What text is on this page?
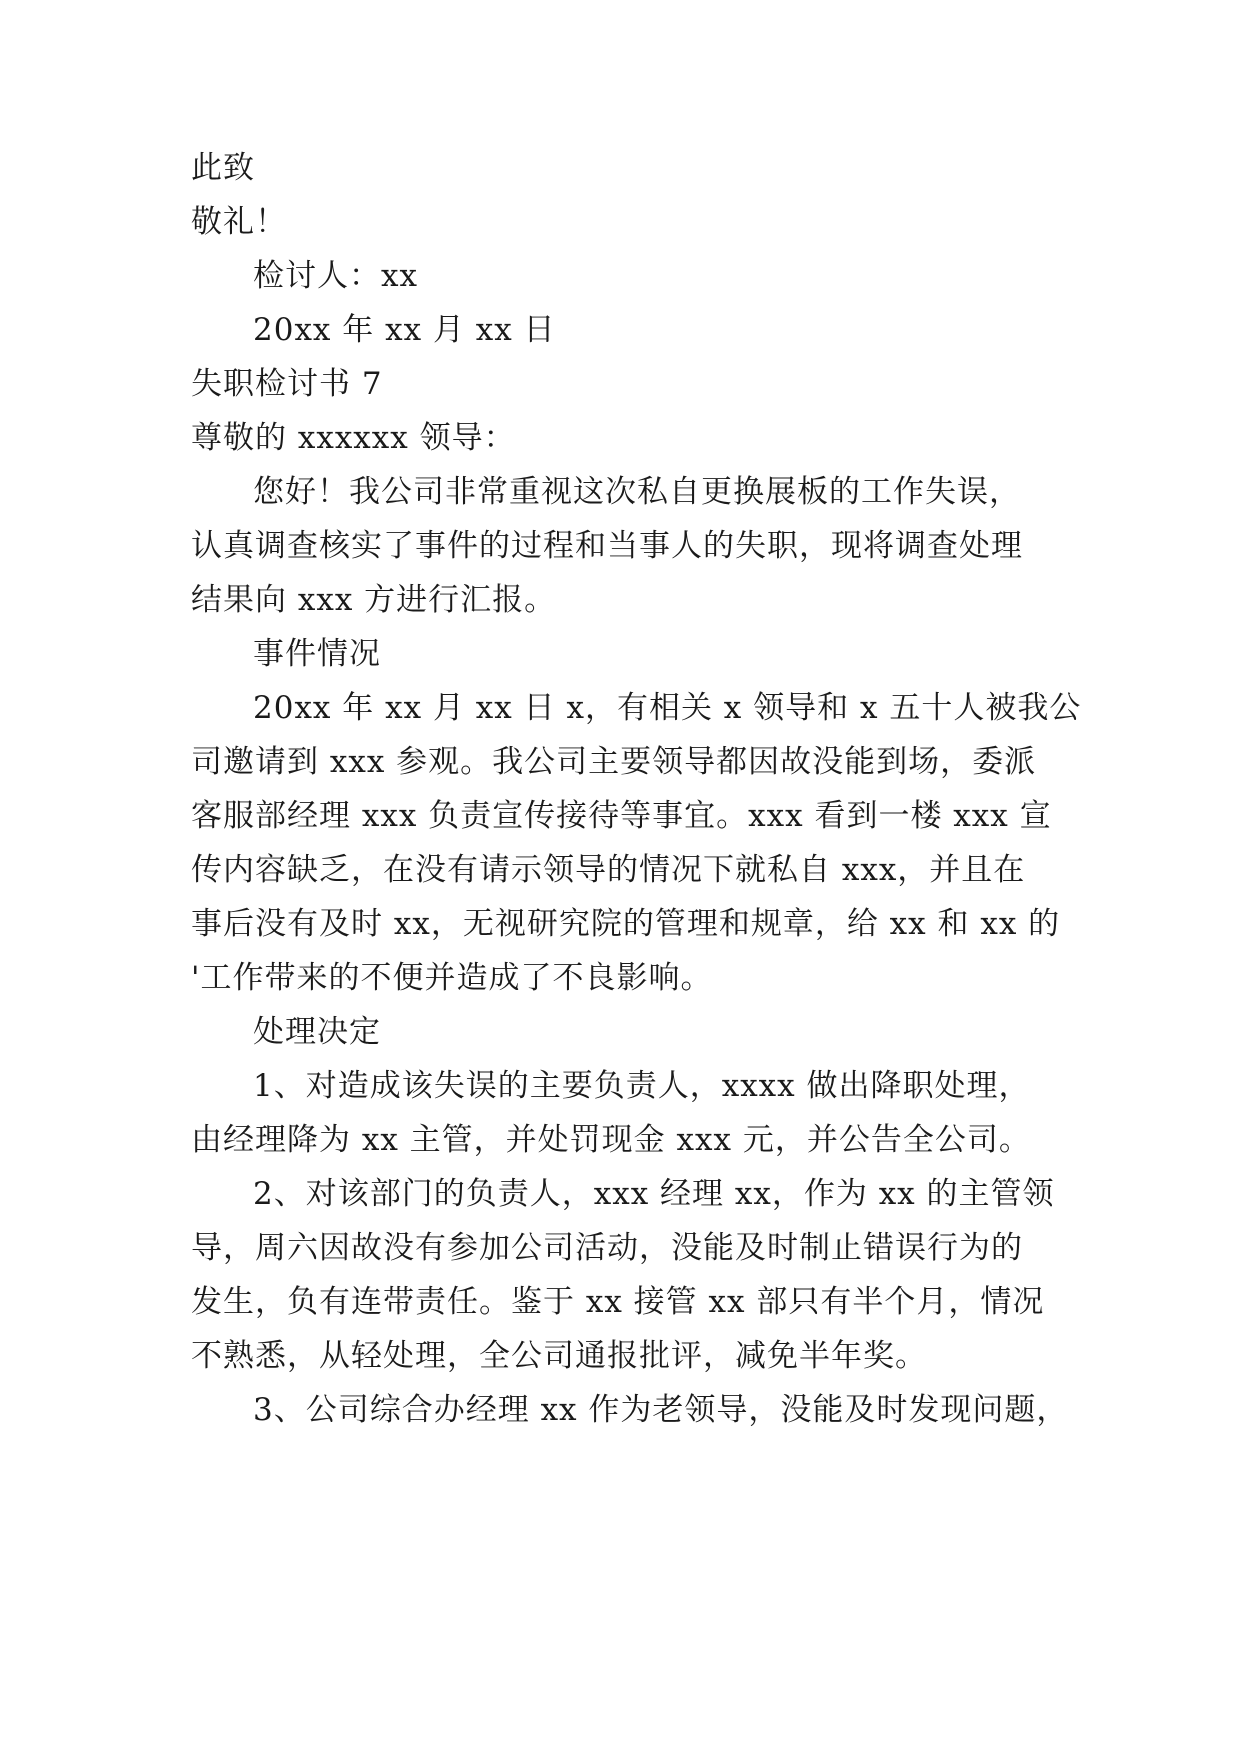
此致
敬礼！
检讨人：xx
20xx 年 xx 月 xx 日
失职检讨书 7
尊敬的 xxxxxx 领导：
您好！我公司非常重视这次私自更换展板的工作失误，
认真调查核实了事件的过程和当事人的失职，现将调查处理
结果向 xxx 方进行汇报。
事件情况
20xx 年 xx 月 xx 日 x，有相关 x 领导和 x 五十人被我公
司邀请到 xxx 参观。我公司主要领导都因故没能到场，委派
客服部经理 xxx 负责宣传接待等事宜。xxx 看到一楼 xxx 宣
传内容缺乏，在没有请示领导的情况下就私自 xxx，并且在
事后没有及时 xx，无视研究院的管理和规章，给 xx 和 xx 的
'工作带来的不便并造成了不良影响。
处理决定
1、对造成该失误的主要负责人，xxxx 做出降职处理，
由经理降为 xx 主管，并处罚现金 xxx 元，并公告全公司。
2、对该部门的负责人，xxx 经理 xx，作为 xx 的主管领
导，周六因故没有参加公司活动，没能及时制止错误行为的
发生，负有连带责任。鉴于 xx 接管 xx 部只有半个月，情况
不熟悉，从轻处理，全公司通报批评，减免半年奖。
3、公司综合办经理 xx 作为老领导，没能及时发现问题，
